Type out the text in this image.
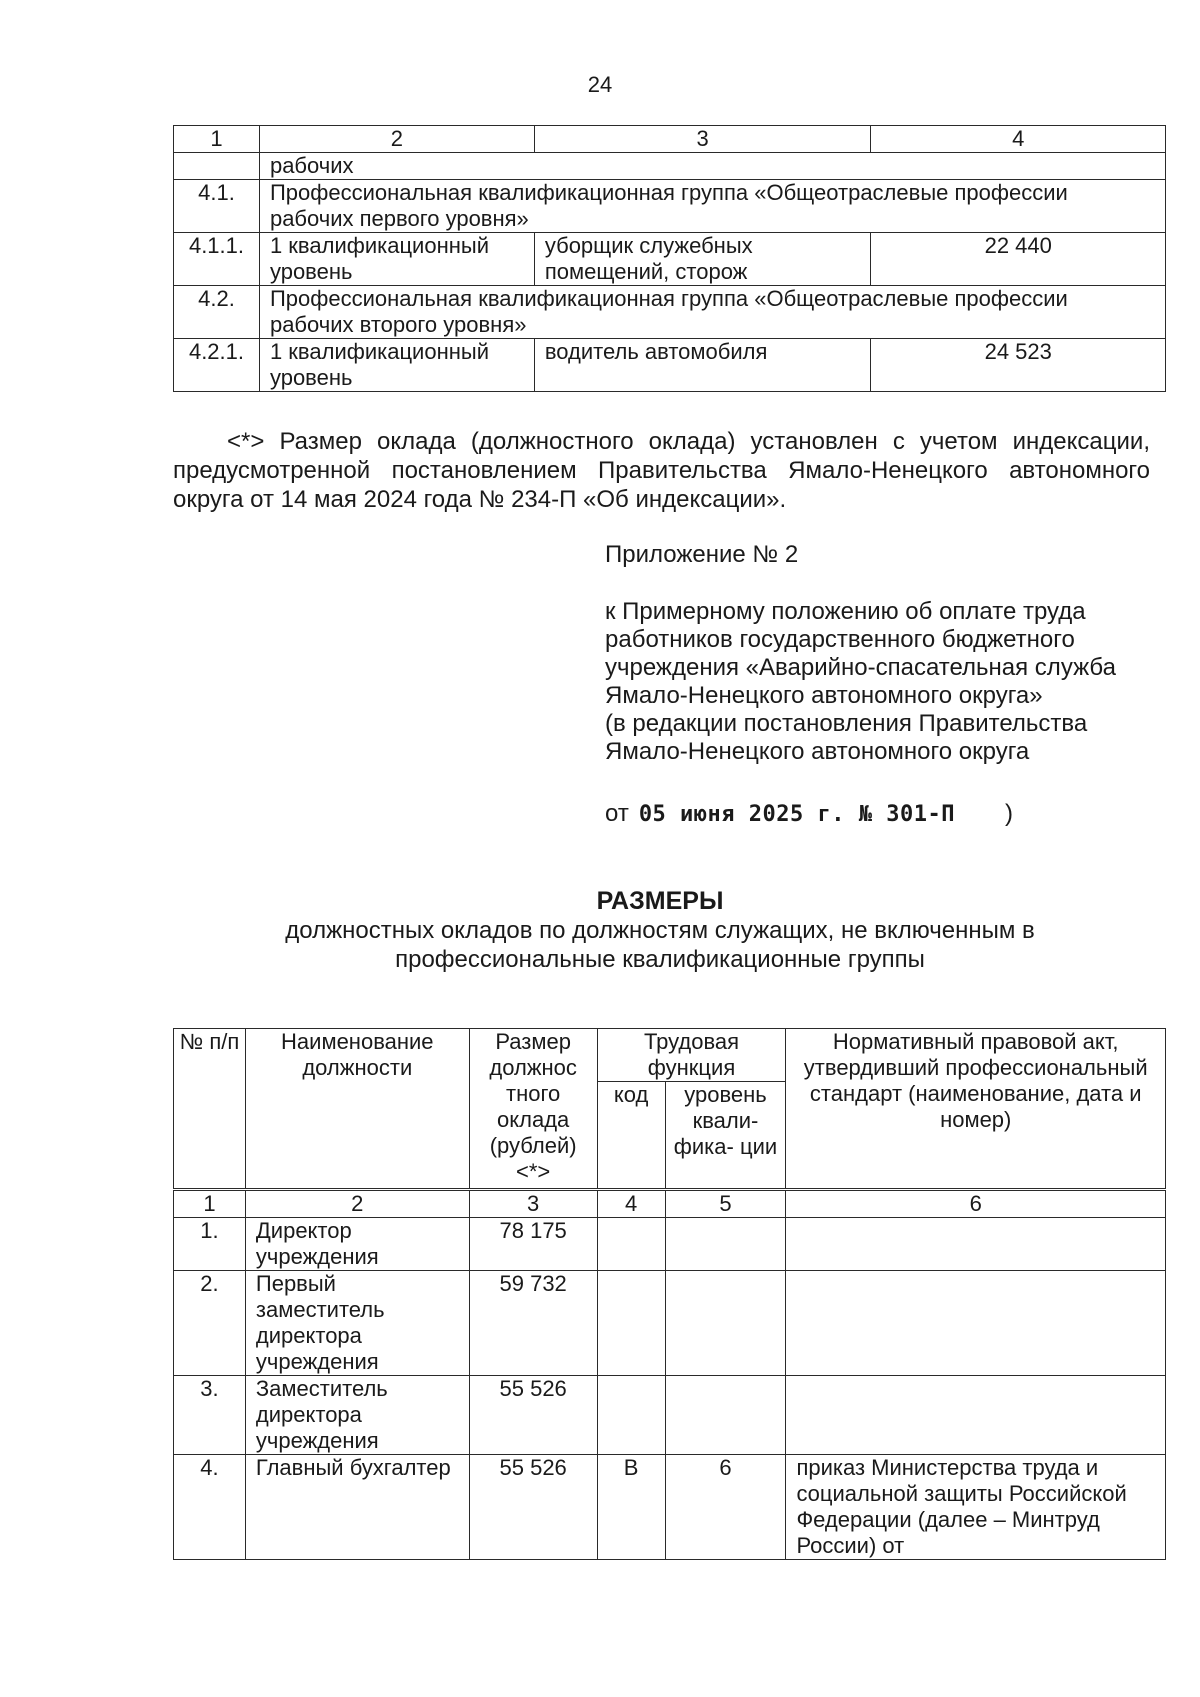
24
1	2	3	4
	рабочих		
4.1.	Профессиональная квалификационная группа «Общеотраслевые профессии рабочих первого уровня»		
4.1.1.	1 квалификационный уровень	уборщик служебных помещений, сторож	22 440
4.2.	Профессиональная квалификационная группа «Общеотраслевые профессии рабочих второго уровня»		
4.2.1.	1 квалификационный уровень	водитель автомобиля	24 523
<*> Размер оклада (должностного оклада) установлен с учетом индексации, предусмотренной постановлением Правительства Ямало-Ненецкого автономного округа от 14 мая 2024 года № 234-П «Об индексации».
Приложение № 2
к Примерному положению об оплате труда работников государственного бюджетного учреждения «Аварийно-спасательная служба Ямало-Ненецкого автономного округа»
(в редакции постановления Правительства Ямало-Ненецкого автономного округа
от 05 июня 2025 г. № 301-П )
РАЗМЕРЫ
должностных окладов по должностям служащих, не включенным в профессиональные квалификационные группы
№ п/п	Наименование должности	Размер должнос тного оклада (рублей) <*>	Трудовая функция		Нормативный правовой акт, утвердивший профессиональный стандарт (наименование, дата и номер)
			код	уровень квали- фика- ции	
1	2	3	4	5	6
1.	Директор учреждения	78 175			
2.	Первый заместитель директора учреждения	59 732			
3.	Заместитель директора учреждения	55 526			
4.	Главный бухгалтер	55 526	В	6	приказ Министерства труда и социальной защиты Российской Федерации (далее – Минтруд России) от
